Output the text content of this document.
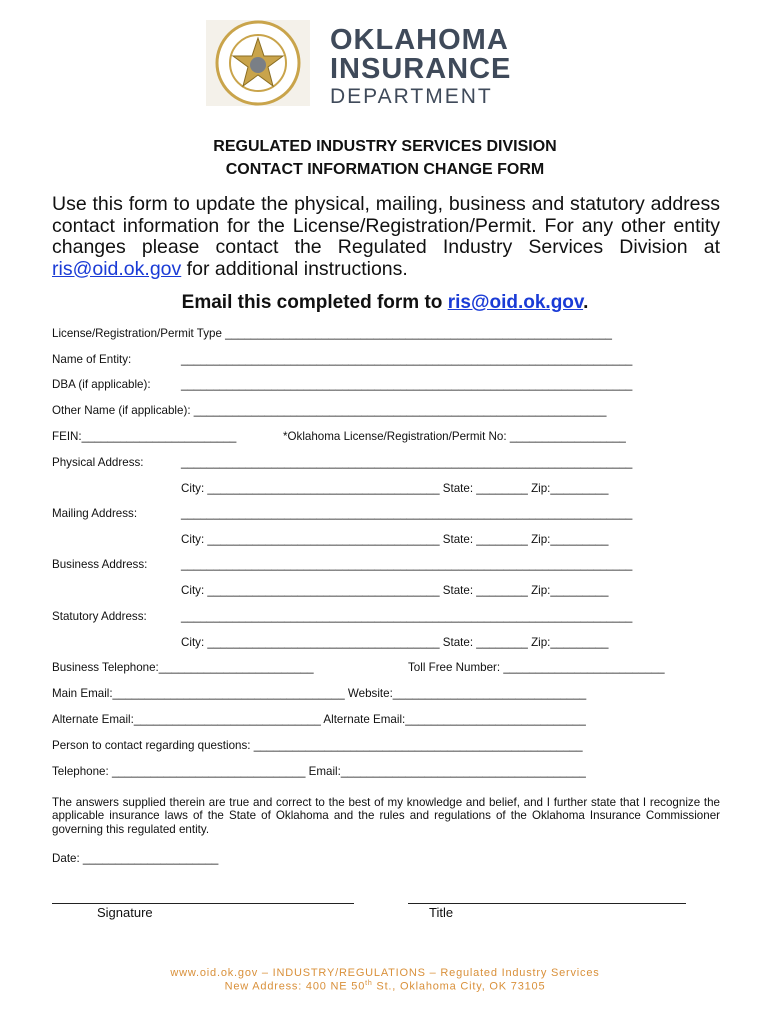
OKLAHOMA
INSURANCE
DEPARTMENT
REGULATED INDUSTRY SERVICES DIVISION
CONTACT INFORMATION CHANGE FORM
Use this form to update the physical, mailing, business and statutory address contact information for the License/Registration/Permit. For any other entity changes please contact the Regulated Industry Services Division at ris@oid.ok.gov for additional instructions.
Email this completed form to ris@oid.ok.gov.
License/Registration/Permit Type ____________________________________________________________
Name of Entity:	______________________________________________________________________
DBA (if applicable):	______________________________________________________________________
Other Name (if applicable): ________________________________________________________________
FEIN:________________________	*Oklahoma License/Registration/Permit No: __________________
Physical Address:	______________________________________________________________________
City: ____________________________________ State: ________ Zip:_________
Mailing Address:	______________________________________________________________________
City: ____________________________________ State: ________ Zip:_________
Business Address:	______________________________________________________________________
City: ____________________________________ State: ________ Zip:_________
Statutory Address:	______________________________________________________________________
City: ____________________________________ State: ________ Zip:_________
Business Telephone:________________________	Toll Free Number: _________________________
Main Email:____________________________________ Website:______________________________
Alternate Email:_____________________________ Alternate Email:____________________________
Person to contact regarding questions: ___________________________________________________
Telephone: ______________________________ Email:______________________________________
The answers supplied therein are true and correct to the best of my knowledge and belief, and I further state that I recognize the applicable insurance laws of the State of Oklahoma and the rules and regulations of the Oklahoma Insurance Commissioner governing this regulated entity.
Date: _____________________
Signature	Title
www.oid.ok.gov – INDUSTRY/REGULATIONS – Regulated Industry Services
New Address: 400 NE 50th St., Oklahoma City, OK 73105
